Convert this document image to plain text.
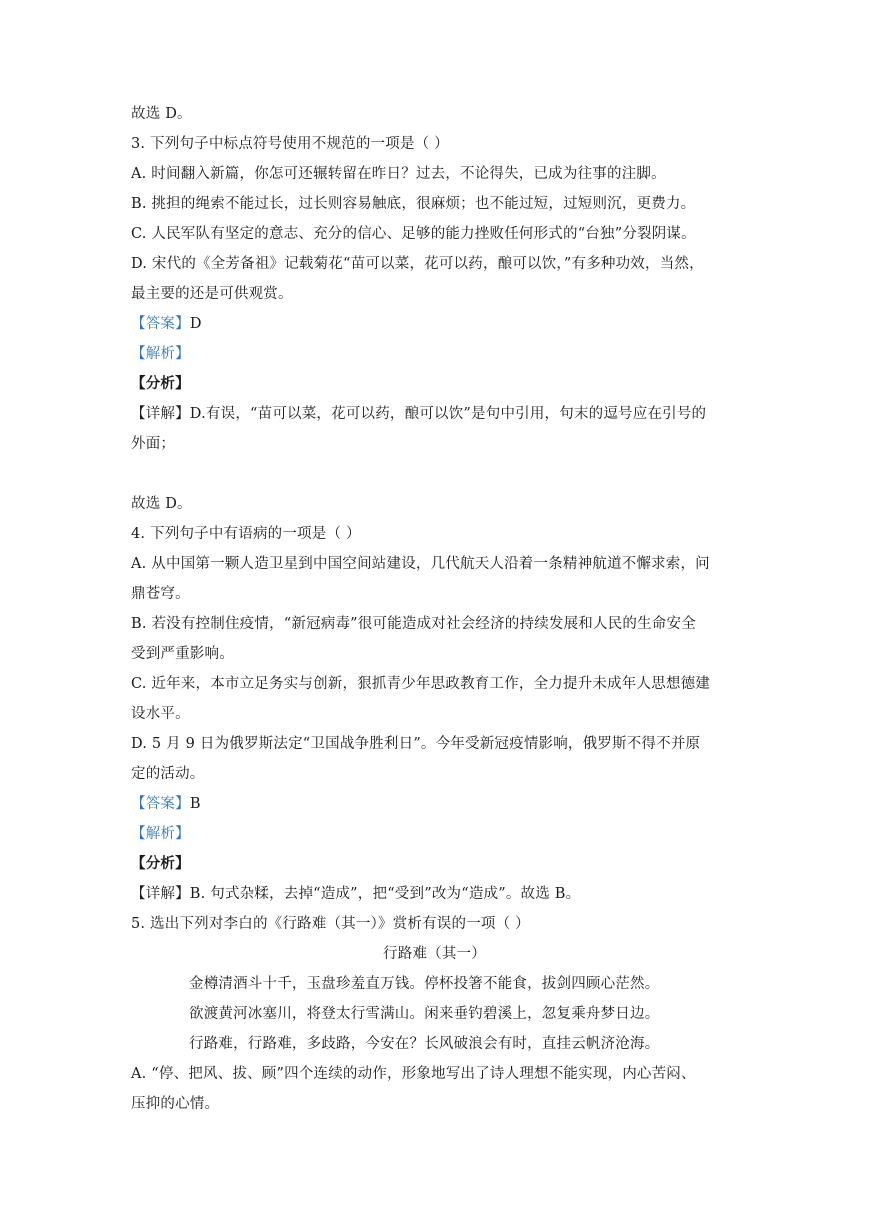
故选 D。
3. 下列句子中标点符号使用不规范的一项是（ ）
A. 时间翻入新篇，你怎可还辗转留在昨日？过去，不论得失，已成为往事的注脚。
B. 挑担的绳索不能过长，过长则容易触底，很麻烦；也不能过短，过短则沉，更费力。
C. 人民军队有坚定的意志、充分的信心、足够的能力挫败任何形式的“台独”分裂阴谋。
D. 宋代的《全芳备祖》记载菊花“苗可以菜，花可以药，酿可以饮，”有多种功效，当然，
最主要的还是可供观赏。
【答案】D
【解析】
【分析】
【详解】D.有误，“苗可以菜，花可以药，酿可以饮”是句中引用，句末的逗号应在引号的
外面；
故选 D。
4. 下列句子中有语病的一项是（ ）
A. 从中国第一颗人造卫星到中国空间站建设，几代航天人沿着一条精神航道不懈求索，问
鼎苍穹。
B. 若没有控制住疫情，“新冠病毒”很可能造成对社会经济的持续发展和人民的生命安全
受到严重影响。
C. 近年来，本市立足务实与创新，狠抓青少年思政教育工作，全力提升未成年人思想德建
设水平。
D. 5 月 9 日为俄罗斯法定“卫国战争胜利日”。今年受新冠疫情影响，俄罗斯不得不并原
定的活动。
【答案】B
【解析】
【分析】
【详解】B. 句式杂糅，去掉“造成”，把“受到”改为“造成”。故选 B。
5. 选出下列对李白的《行路难（其一）》赏析有误的一项（ ）
行路难（其一）
金樽清酒斗十千，玉盘珍羞直万钱。停杯投箸不能食，拔剑四顾心茫然。
欲渡黄河冰塞川，将登太行雪满山。闲来垂钓碧溪上，忽复乘舟梦日边。
行路难，行路难，多歧路，今安在？长风破浪会有时，直挂云帆济沧海。
A. “停、把风、拔、顾”四个连续的动作，形象地写出了诗人理想不能实现，内心苦闷、
压抑的心情。
